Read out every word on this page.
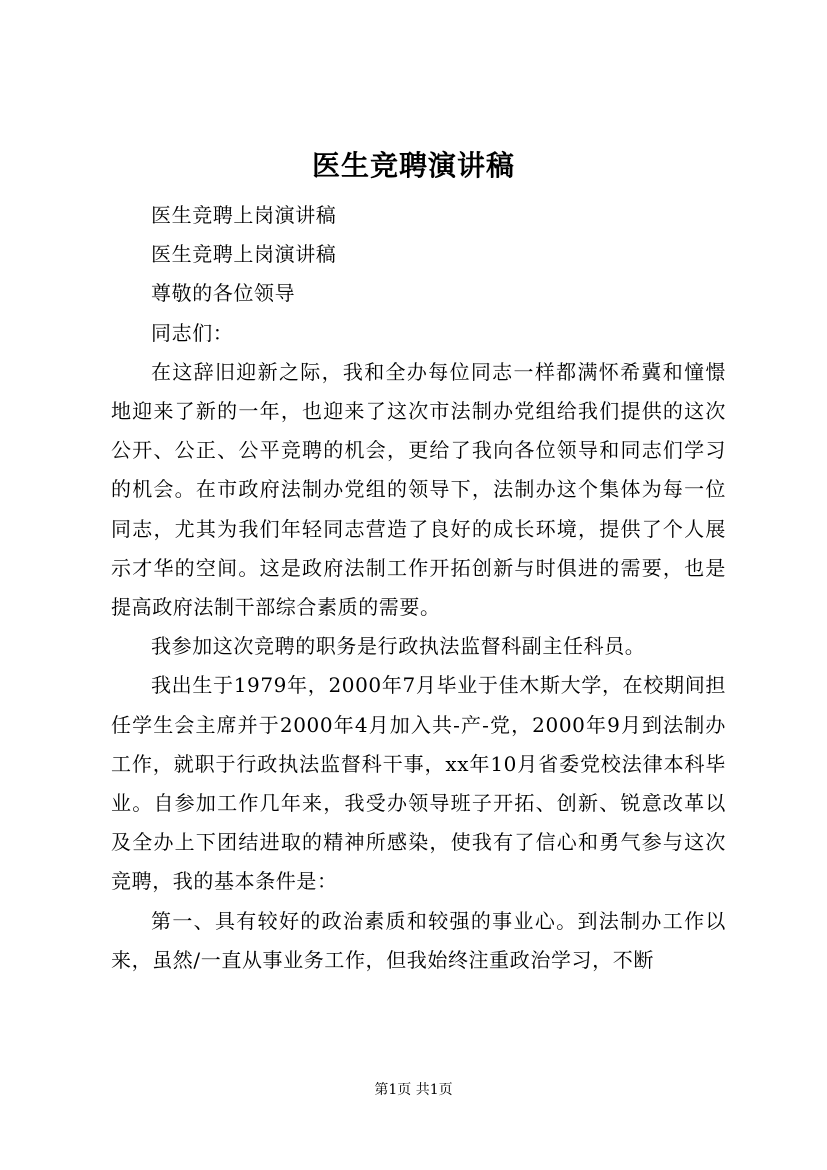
医生竞聘演讲稿

医生竞聘上岗演讲稿

医生竞聘上岗演讲稿

尊敬的各位领导

同志们：

在这辞旧迎新之际，我和全办每位同志一样都满怀希冀和憧憬地迎来了新的一年，也迎来了这次市法制办党组给我们提供的这次公开、公正、公平竞聘的机会，更给了我向各位领导和同志们学习的机会。在市政府法制办党组的领导下，法制办这个集体为每一位同志，尤其为我们年轻同志营造了良好的成长环境，提供了个人展示才华的空间。这是政府法制工作开拓创新与时俱进的需要，也是提高政府法制干部综合素质的需要。

我参加这次竞聘的职务是行政执法监督科副主任科员。

我出生于1979年，2000年7月毕业于佳木斯大学，在校期间担任学生会主席并于2000年4月加入共-产-党，2000年9月到法制办工作，就职于行政执法监督科干事，xx年10月省委党校法律本科毕业。自参加工作几年来，我受办领导班子开拓、创新、锐意改革以及全办上下团结进取的精神所感染，使我有了信心和勇气参与这次竞聘，我的基本条件是：

第一、具有较好的政治素质和较强的事业心。到法制办工作以来，虽然/一直从事业务工作，但我始终注重政治学习，不断

第1页 共1页
